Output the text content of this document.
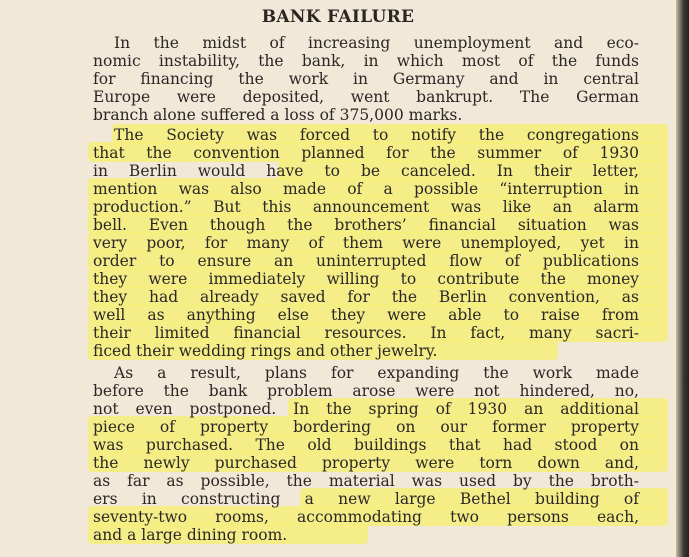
BANK FAILURE
In the midst of increasing unemployment and eco-
nomic instability, the bank, in which most of the funds
for financing the work in Germany and in central
Europe were deposited, went bankrupt. The German
branch alone suffered a loss of 375,000 marks.
The Society was forced to notify the congregations
that the convention planned for the summer of 1930
in Berlin would have to be canceled. In their letter,
mention was also made of a possible “interruption in
production.” But this announcement was like an alarm
bell. Even though the brothers’ financial situation was
very poor, for many of them were unemployed, yet in
order to ensure an uninterrupted flow of publications
they were immediately willing to contribute the money
they had already saved for the Berlin convention, as
well as anything else they were able to raise from
their limited financial resources. In fact, many sacri-
ficed their wedding rings and other jewelry.
As a result, plans for expanding the work made
before the bank problem arose were not hindered, no,
not even postponed. In the spring of 1930 an additional
piece of property bordering on our former property
was purchased. The old buildings that had stood on
the newly purchased property were torn down and,
as far as possible, the material was used by the broth-
ers in constructing a new large Bethel building of
seventy-two rooms, accommodating two persons each,
and a large dining room.
